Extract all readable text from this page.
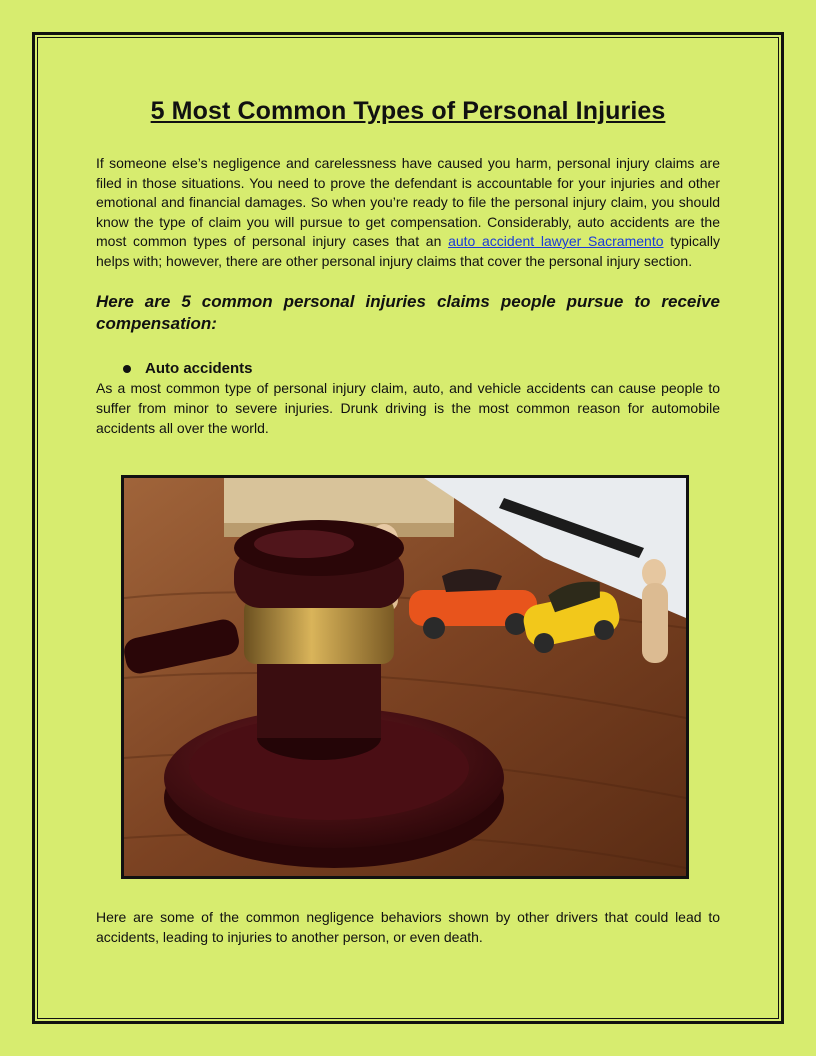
5 Most Common Types of Personal Injuries

If someone else’s negligence and carelessness have caused you harm, personal injury claims are filed in those situations. You need to prove the defendant is accountable for your injuries and other emotional and financial damages. So when you’re ready to file the personal injury claim, you should know the type of claim you will pursue to get compensation. Considerably, auto accidents are the most common types of personal injury cases that an auto accident lawyer Sacramento typically helps with; however, there are other personal injury claims that cover the personal injury section.

Here are 5 common personal injuries claims people pursue to receive compensation:

Auto accidents

As a most common type of personal injury claim, auto, and vehicle accidents can cause people to suffer from minor to severe injuries. Drunk driving is the most common reason for automobile accidents all over the world.

Here are some of the common negligence behaviors shown by other drivers that could lead to accidents, leading to injuries to another person, or even death.
